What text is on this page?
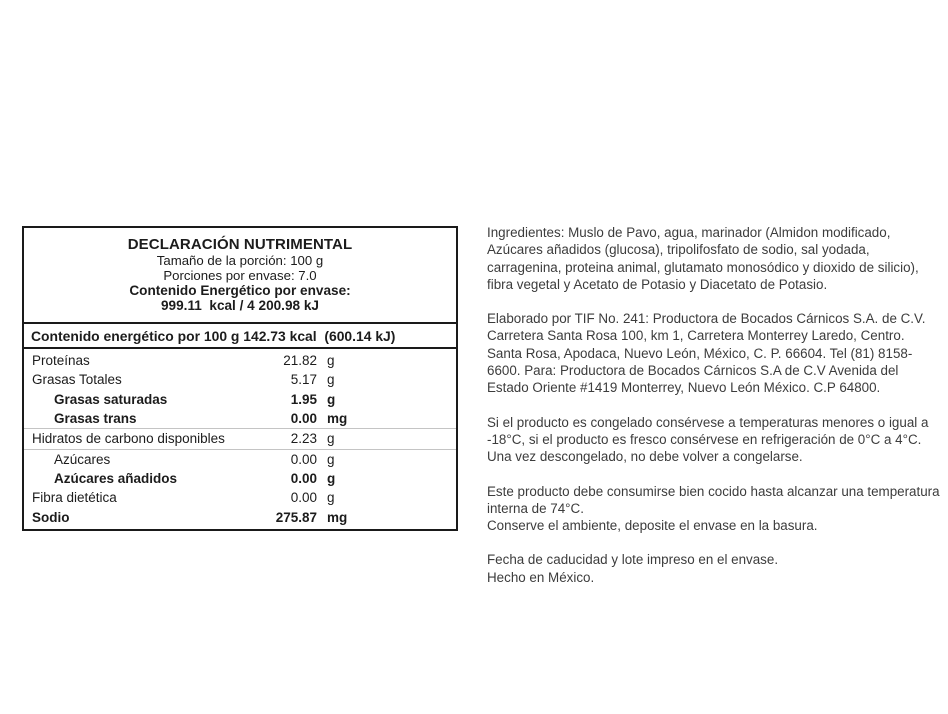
DECLARACIÓN NUTRIMENTAL
Tamaño de la porción: 100 g
Porciones por envase: 7.0
Contenido Energético por envase:
999.11  kcal / 4 200.98 kJ
Contenido energético por 100 g 142.73 kcal  (600.14 kJ)
Proteínas	21.82 g
Grasas Totales	5.17 g
Grasas saturadas	1.95 g
Grasas trans	0.00 mg
Hidratos de carbono disponibles	2.23 g
Azúcares	0.00 g
Azúcares añadidos	0.00 g
Fibra dietética	0.00 g
Sodio	275.87 mg

Ingredientes: Muslo de Pavo, agua, marinador (Almidon modificado, Azúcares añadidos (glucosa), tripolifosfato de sodio, sal yodada, carragenina, proteina animal, glutamato monosódico y dioxido de silicio), fibra vegetal y Acetato de Potasio y Diacetato de Potasio.

Elaborado por TIF No. 241: Productora de Bocados Cárnicos S.A. de C.V. Carretera Santa Rosa 100, km 1, Carretera Monterrey Laredo, Centro. Santa Rosa, Apodaca, Nuevo León, México, C. P. 66604. Tel (81) 8158-6600. Para: Productora de Bocados Cárnicos S.A de C.V Avenida del Estado Oriente #1419 Monterrey, Nuevo León México. C.P 64800.

Si el producto es congelado consérvese a temperaturas menores o igual a -18°C, si el producto es fresco consérvese en refrigeración de 0°C a 4°C. Una vez descongelado, no debe volver a congelarse.

Este producto debe consumirse bien cocido hasta alcanzar una temperatura interna de 74°C.
Conserve el ambiente, deposite el envase en la basura.

Fecha de caducidad y lote impreso en el envase.
Hecho en México.
